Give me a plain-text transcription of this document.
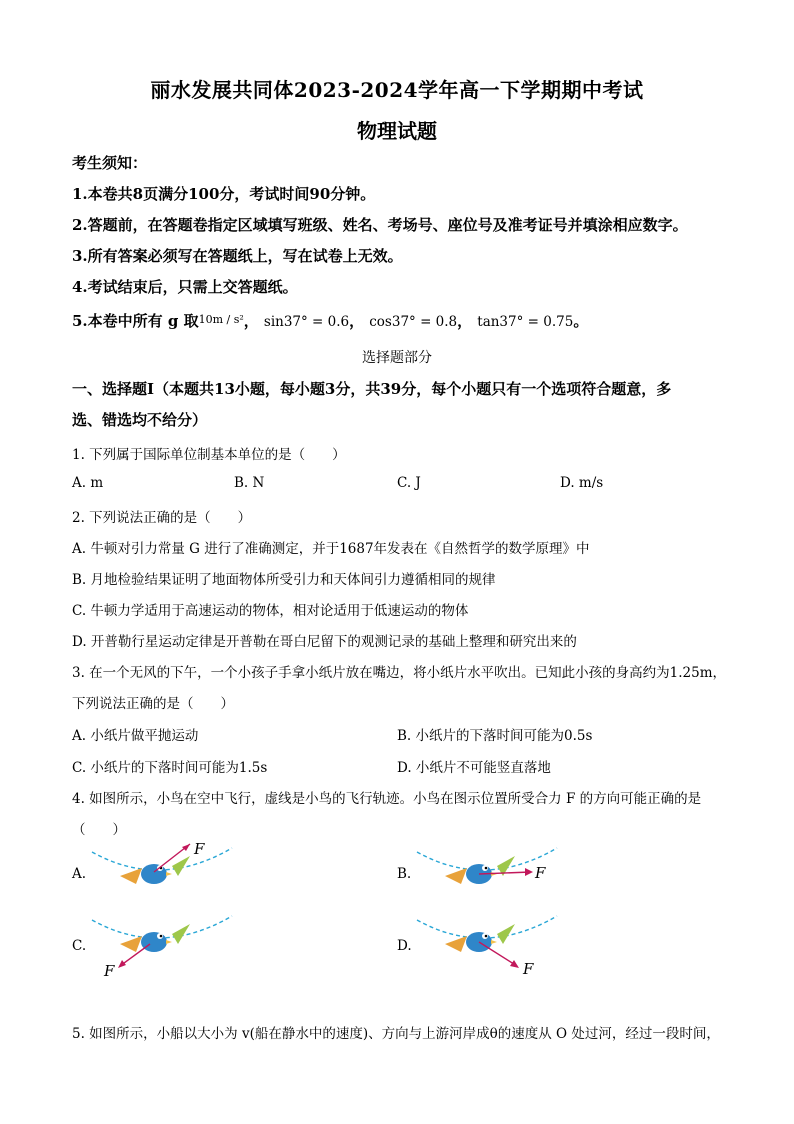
丽水发展共同体2023-2024学年高一下学期期中考试
物理试题
考生须知：
1.本卷共8页满分100分，考试时间90分钟。
2.答题前，在答题卷指定区域填写班级、姓名、考场号、座位号及准考证号并填涂相应数字。
3.所有答案必须写在答题纸上，写在试卷上无效。
4.考试结束后，只需上交答题纸。
5.本卷中所有 g 取10m / s²， sin37° = 0.6， cos37° = 0.8， tan37° = 0.75。
选择题部分
一、选择题Ⅰ（本题共13小题，每小题3分，共39分，每个小题只有一个选项符合题意，多
选、错选均不给分）
1. 下列属于国际单位制基本单位的是（　　）
A. m	B. N	C. J	D. m/s
2. 下列说法正确的是（　　）
A. 牛顿对引力常量 G 进行了准确测定，并于1687年发表在《自然哲学的数学原理》中
B. 月地检验结果证明了地面物体所受引力和天体间引力遵循相同的规律
C. 牛顿力学适用于高速运动的物体，相对论适用于低速运动的物体
D. 开普勒行星运动定律是开普勒在哥白尼留下的观测记录的基础上整理和研究出来的
3. 在一个无风的下午，一个小孩子手拿小纸片放在嘴边，将小纸片水平吹出。已知此小孩的身高约为1.25m，
下列说法正确的是（　　）
A. 小纸片做平抛运动	B. 小纸片的下落时间可能为0.5s
C. 小纸片的下落时间可能为1.5s	D. 小纸片不可能竖直落地
4. 如图所示，小鸟在空中飞行，虚线是小鸟的飞行轨迹。小鸟在图示位置所受合力 F 的方向可能正确的是
（　　）
A.	B.
C.	D.
F
F
F	F
5. 如图所示，小船以大小为 v(船在静水中的速度)、方向与上游河岸成θ的速度从 O 处过河，经过一段时间，
